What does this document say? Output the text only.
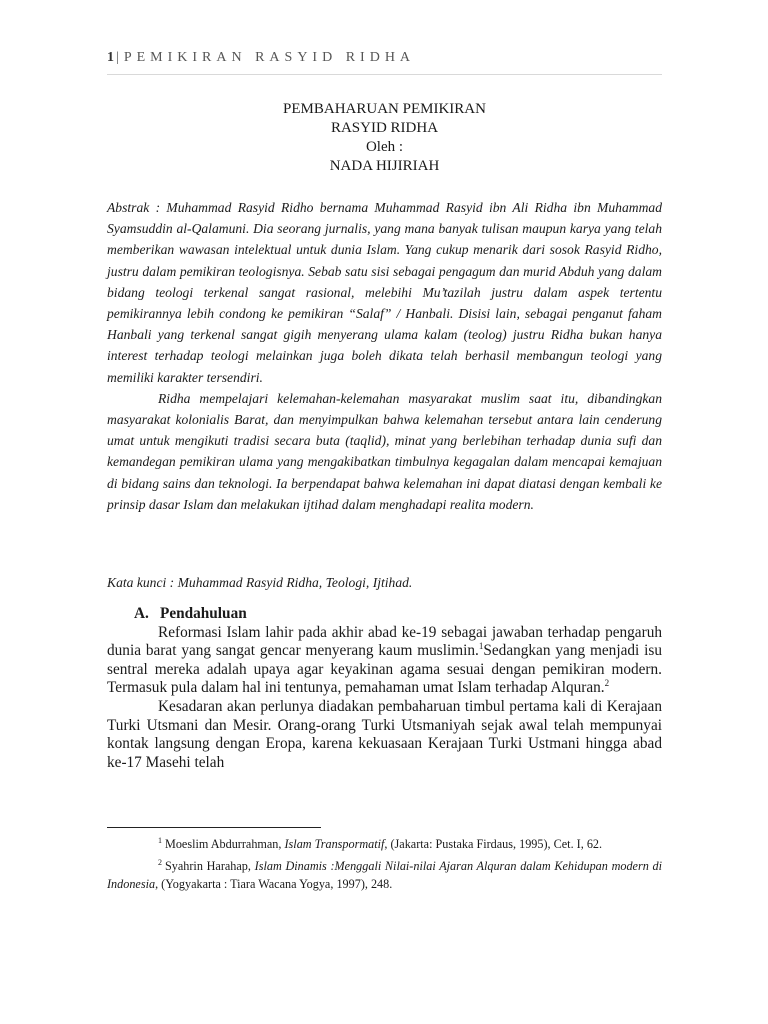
1 | PEMIKIRAN RASYID RIDHA
PEMBAHARUAN PEMIKIRAN
RASYID RIDHA
Oleh :
NADA HIJIRIAH

Abstrak : Muhammad Rasyid Ridho bernama Muhammad Rasyid ibn Ali Ridha ibn Muhammad Syamsuddin al-Qalamuni. Dia seorang jurnalis, yang mana banyak tulisan maupun karya yang telah memberikan wawasan intelektual untuk dunia Islam. Yang cukup menarik dari sosok Rasyid Ridho, justru dalam pemikiran teologisnya. Sebab satu sisi sebagai pengagum dan murid Abduh yang dalam bidang teologi terkenal sangat rasional, melebihi Mu’tazilah justru dalam aspek tertentu pemikirannya lebih condong ke pemikiran “Salaf” / Hanbali. Disisi lain, sebagai penganut faham Hanbali yang terkenal sangat gigih menyerang ulama kalam (teolog) justru Ridha bukan hanya interest terhadap teologi melainkan juga boleh dikata telah berhasil membangun teologi yang memiliki karakter tersendiri.

Ridha mempelajari kelemahan-kelemahan masyarakat muslim saat itu, dibandingkan masyarakat kolonialis Barat, dan menyimpulkan bahwa kelemahan tersebut antara lain cenderung umat untuk mengikuti tradisi secara buta (taqlid), minat yang berlebihan terhadap dunia sufi dan kemandegan pemikiran ulama yang mengakibatkan timbulnya kegagalan dalam mencapai kemajuan di bidang sains dan teknologi. Ia berpendapat bahwa kelemahan ini dapat diatasi dengan kembali ke prinsip dasar Islam dan melakukan ijtihad dalam menghadapi realita modern.

Kata kunci : Muhammad Rasyid Ridha, Teologi, Ijtihad.
A. Pendahuluan

Reformasi Islam lahir pada akhir abad ke-19 sebagai jawaban terhadap pengaruh dunia barat yang sangat gencar menyerang kaum muslimin.$^1$Sedangkan yang menjadi isu sentral mereka adalah upaya agar keyakinan agama sesuai dengan pemikiran modern. Termasuk pula dalam hal ini tentunya, pemahaman umat Islam terhadap Alquran.$^2$

Kesadaran akan perlunya diadakan pembaharuan timbul pertama kali di Kerajaan Turki Utsmani dan Mesir. Orang-orang Turki Utsmaniyah sejak awal telah mempunyai kontak langsung dengan Eropa, karena kekuasaan Kerajaan Turki Ustmani hingga abad ke-17 Masehi telah

$^1$ Moeslim Abdurrahman, Islam Transpormatif, (Jakarta: Pustaka Firdaus, 1995), Cet. I, 62.

$^2$ Syahrin Harahap, Islam Dinamis :Menggali Nilai-nilai Ajaran Alquran dalam Kehidupan modern di Indonesia, (Yogyakarta : Tiara Wacana Yogya, 1997), 248.
